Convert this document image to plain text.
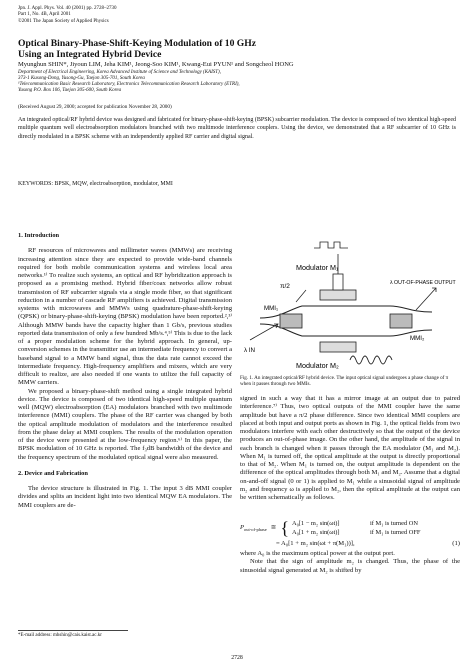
Jpn. J. Appl. Phys. Vol. 40 (2001) pp. 2728–2730
Part 1, No. 4B, April 2001
©2001 The Japan Society of Applied Physics
Optical Binary-Phase-Shift-Keying Modulation of 10 GHz
Using an Integrated Hybrid Device
Myunghun SHIN*, Jiyoun LIM, Jeha KIM¹, Jeong-Soo KIM¹, Kwang-Eui PYUN¹ and Songcheol HONG
Department of Electrical Engineering, Korea Advanced Institute of Science and Technology (KAIST),
373-1 Kusong-Dong, Yusong-Gu, Taejon 305-701, South Korea
¹Telecommunication Basic Research Laboratory, Electronics Telecommunication Research Laboratory (ETRI),
Yusong P.O. Box 106, Taejon 305-600, South Korea
(Received August 29, 2000; accepted for publication November 28, 2000)
An integrated optical/RF hybrid device was designed and fabricated for binary-phase-shift-keying (BPSK) subcarrier modulation. The device is composed of two identical high-speed multiple quantum well electroabsorption modulators branched with two multimode interference couplers. Using the device, we demonstrated that a RF subcarrier of 10 GHz is directly modulated in a BPSK scheme with an independently applied RF carrier and digital signal.
KEYWORDS: BPSK, MQW, electroabsorption, modulator, MMI
1. Introduction

RF resources of microwaves and millimeter waves (MMWs) are receiving increasing attention since they are expected to provide wide-band channels required for both mobile communication systems and wireless local area networks.¹⁾ To realize such systems, an optical and RF hybridization approach is proposed as a promising method. Hybrid fiber/coax networks allow robust transmission of RF subcarrier signals via a single mode fiber, so that significant reduction in a number of cascade RF amplifiers is achieved. Digital transmission systems with microwaves and MMWs using quadrature-phase-shift-keying (QPSK) or binary-phase-shift-keying (BPSK) modulation have been reported.²,³⁾ Although MMW bands have the capacity higher than 1 Gb/s, previous studies reported data transmission of only a few hundred Mb/s.⁴,⁵⁾ This is due to the lack of a proper modulation scheme for the hybrid approach. In general, up-conversion schemes in the transmitter use an intermediate frequency to convert a baseband signal to a MMW band signal, thus the data rate cannot exceed the intermediate frequency. High-frequency amplifiers and mixers, which are very difficult to realize, are also needed if one wants to utilize the full capacity of MMW carriers.

We proposed a binary-phase-shift method using a single integrated hybrid device. The device is composed of two identical high-speed multiple quantum well (MQW) electroabsorption (EA) modulators branched with two multimode interference (MMI) couplers. The phase of the RF carrier was changed by both the optical amplitude modulation of modulators and the interference resulted from the phase delay at MMI couplers. The results of the modulation operation of the device were presented at the low-frequency region.⁶⁾ In this paper, the BPSK modulation of 10 GHz is reported. The f₃dB bandwidth of the device and the frequency spectrum of the modulated optical signal were also measured.

2. Device and Fabrication

The device structure is illustrated in Fig. 1. The input 3 dB MMI coupler divides and splits an incident light into two identical MQW EA modulators. The MMI couplers are de-

Modulator M₁
π/2	λ OUT-OF-PHASE OUTPUT
MMI₁
MMI₂
λ IN
Modulator M₂
Fig. 1. An integrated optical/RF hybrid device. The input optical signal undergoes a phase change of π when it passes through two MMIs.

signed in such a way that it has a mirror image at an output due to paired interference.⁷⁾ Thus, two optical outputs of the MMI coupler have the same amplitude but have a π/2 phase difference. Since two identical MMI couplers are placed at both input and output ports as shown in Fig. 1, the optical fields from two modulators interfere with each other destructively so that the output of the device produces an out-of-phase image. On the other hand, the amplitude of the signal in each branch is changed when it passes through the EA modulator (M₁ and M₂). When M₁ is turned off, the optical amplitude at the output is directly proportional to that of M₂. When M₁ is turned on, the output amplitude is dependent on the difference of the optical amplitudes through both M₁ and M₂. Assume that a digital on-and-off signal (0 or 1) is applied to M₁ while a sinusoidal signal of amplitude m₂ and frequency ω is applied to M₂, then the optical amplitude at the output can be written schematically as follows.

P out-of-phase ≅ { A₀[1 − m₂ sin(ωt)]	if M₁ is turned ON
A₀[1 + m₂ sin(ωt)]	if M₁ is turned OFF
= A₀[1 + m₂ sin(ωt + π(M₁))],	(1)

where A₀ is the maximum optical power at the output port.

Note that the sign of amplitude m₂ is changed. Thus, the phase of the sinusoidal signal generated at M₂ is shifted by

*E-mail address: mhshin@cais.kaist.ac.kr
2728
